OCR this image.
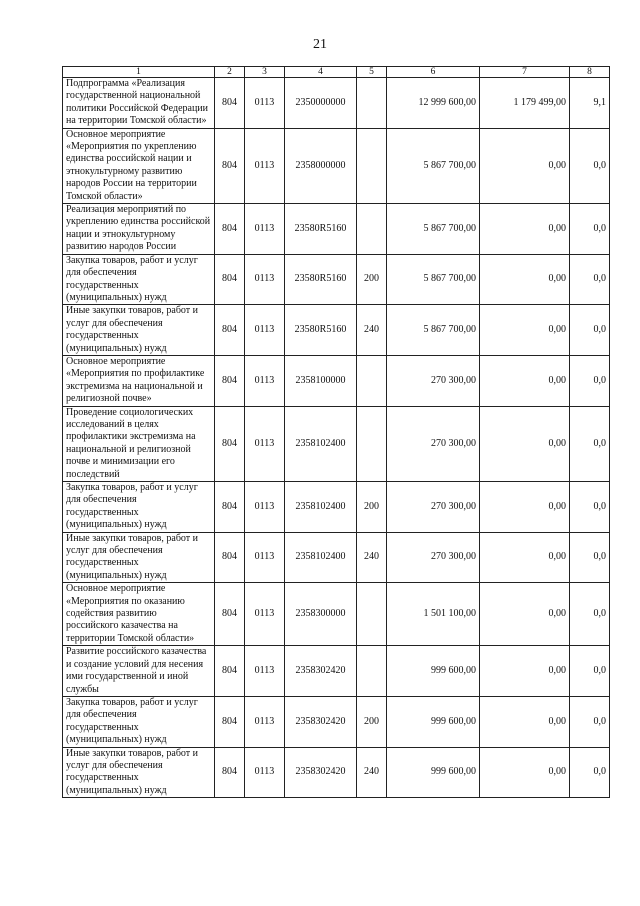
21
1	2	3	4	5	6	7	8
Подпрограмма «Реализация государственной национальной политики Российской Федерации на территории Томской области»	804	0113	2350000000		12 999 600,00	1 179 499,00	9,1
Основное мероприятие «Мероприятия по укреплению единства российской нации и этнокультурному развитию народов России на территории Томской области»	804	0113	2358000000		5 867 700,00	0,00	0,0
Реализация мероприятий по укреплению единства российской нации и этнокультурному развитию народов России	804	0113	23580R5160		5 867 700,00	0,00	0,0
Закупка товаров, работ и услуг для обеспечения государственных (муниципальных) нужд	804	0113	23580R5160	200	5 867 700,00	0,00	0,0
Иные закупки товаров, работ и услуг для обеспечения государственных (муниципальных) нужд	804	0113	23580R5160	240	5 867 700,00	0,00	0,0
Основное мероприятие «Мероприятия по профилактике экстремизма на национальной и религиозной почве»	804	0113	2358100000		270 300,00	0,00	0,0
Проведение социологических исследований в целях профилактики экстремизма на национальной и религиозной почве и минимизации его последствий	804	0113	2358102400		270 300,00	0,00	0,0
Закупка товаров, работ и услуг для обеспечения государственных (муниципальных) нужд	804	0113	2358102400	200	270 300,00	0,00	0,0
Иные закупки товаров, работ и услуг для обеспечения государственных (муниципальных) нужд	804	0113	2358102400	240	270 300,00	0,00	0,0
Основное мероприятие «Мероприятия по оказанию содействия развитию российского казачества на территории Томской области»	804	0113	2358300000		1 501 100,00	0,00	0,0
Развитие российского казачества и создание условий для несения ими государственной и иной службы	804	0113	2358302420		999 600,00	0,00	0,0
Закупка товаров, работ и услуг для обеспечения государственных (муниципальных) нужд	804	0113	2358302420	200	999 600,00	0,00	0,0
Иные закупки товаров, работ и услуг для обеспечения государственных (муниципальных) нужд	804	0113	2358302420	240	999 600,00	0,00	0,0
